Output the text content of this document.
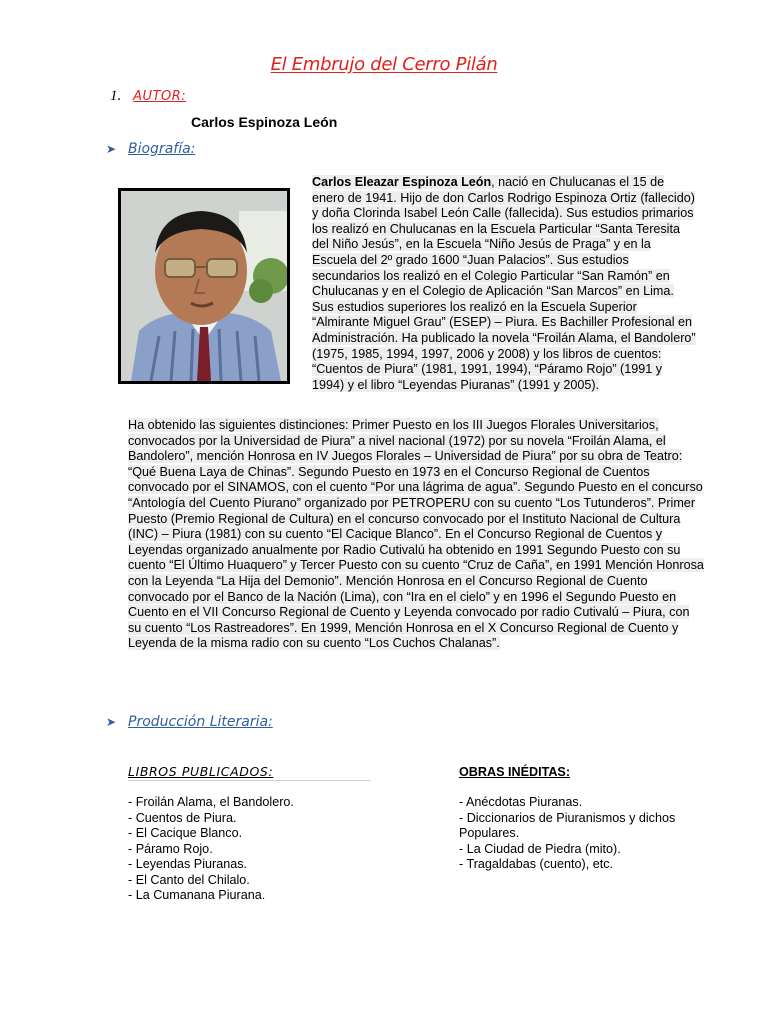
El Embrujo del Cerro Pilán
1. AUTOR:
Carlos Espinoza León
➤ Biografía:
Carlos Eleazar Espinoza León, nació en Chulucanas el 15 de enero de 1941. Hijo de don Carlos Rodrigo Espinoza Ortiz (fallecido) y doña Clorinda Isabel León Calle (fallecida). Sus estudios primarios los realizó en Chulucanas en la Escuela Particular “Santa Teresita del Niño Jesús”, en la Escuela “Niño Jesús de Praga” y en la Escuela del 2º grado 1600 “Juan Palacios”. Sus estudios secundarios los realizó en el Colegio Particular “San Ramón” en Chulucanas y en el Colegio de Aplicación “San Marcos” en Lima. Sus estudios superiores los realizó en la Escuela Superior “Almirante Miguel Grau” (ESEP) – Piura. Es Bachiller Profesional en Administración. Ha publicado la novela “Froilán Alama, el Bandolero” (1975, 1985, 1994, 1997, 2006 y 2008) y los libros de cuentos: “Cuentos de Piura” (1981, 1991, 1994), “Páramo Rojo” (1991 y 1994) y el libro “Leyendas Piuranas” (1991 y 2005).
Ha obtenido las siguientes distinciones: Primer Puesto en los III Juegos Florales Universitarios, convocados por la Universidad de Piura” a nivel nacional (1972) por su novela “Froilán Alama, el Bandolero”, mención Honrosa en IV Juegos Florales – Universidad de Piura” por su obra de Teatro: “Qué Buena Laya de Chinas”. Segundo Puesto en 1973 en el Concurso Regional de Cuentos convocado por el SINAMOS, con el cuento “Por una lágrima de agua”. Segundo Puesto en el concurso “Antología del Cuento Piurano” organizado por PETROPERU con su cuento “Los Tutunderos”. Primer Puesto (Premio Regional de Cultura) en el concurso convocado por el Instituto Nacional de Cultura (INC) – Piura (1981) con su cuento “El Cacique Blanco”. En el Concurso Regional de Cuentos y Leyendas organizado anualmente por Radio Cutivalú ha obtenido en 1991 Segundo Puesto con su cuento “El Último Huaquero” y Tercer Puesto con su cuento “Cruz de Caña”, en 1991 Mención Honrosa con la Leyenda “La Hija del Demonio”. Mención Honrosa en el Concurso Regional de Cuento convocado por el Banco de la Nación (Lima), con “Ira en el cielo” y en 1996 el Segundo Puesto en Cuento en el VII Concurso Regional de Cuento y Leyenda convocado por radio Cutivalú – Piura, con su cuento “Los Rastreadores”. En 1999, Mención Honrosa en el X Concurso Regional de Cuento y Leyenda de la misma radio con su cuento “Los Cuchos Chalanas”.
➤ Producción Literaria:
LIBROS PUBLICADOS:	OBRAS INÉDITAS:
- Froilán Alama, el Bandolero.
- Cuentos de Piura.
- El Cacique Blanco.
- Páramo Rojo.
- Leyendas Piuranas.
- El Canto del Chilalo.
- La Cumanana Piurana.
- Anécdotas Piuranas.
- Diccionarios de Piuranismos y dichos Populares.
- La Ciudad de Piedra (mito).
- Tragaldabas (cuento), etc.
